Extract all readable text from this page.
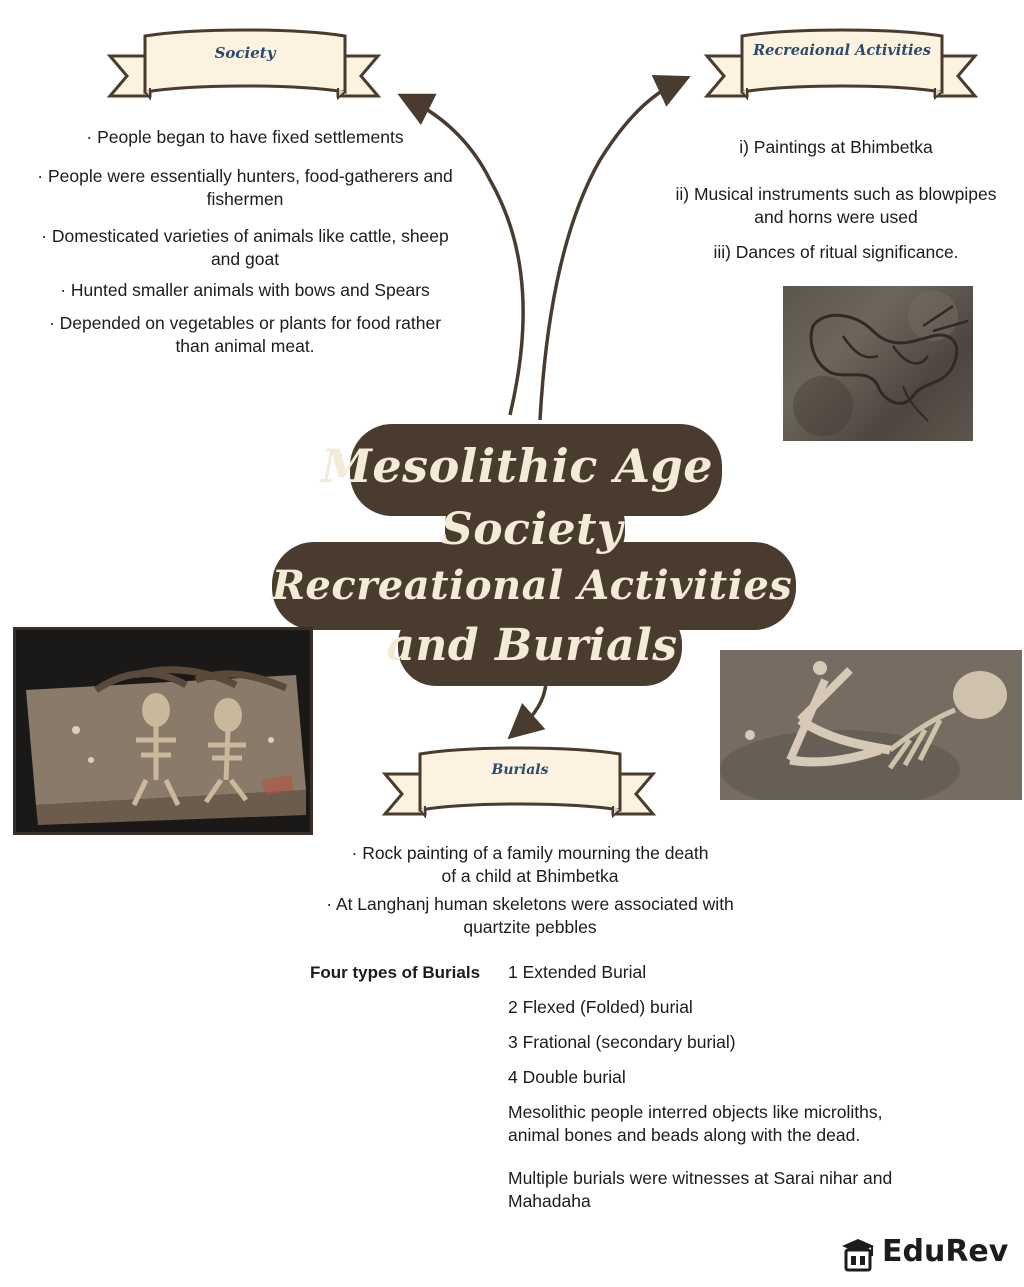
Society	Recreaional Activities
Burials

· People began to have fixed settlements

· People were essentially hunters, food-gatherers and fishermen

· Domesticated varieties of animals like cattle, sheep and goat

· Hunted smaller animals with bows and Spears

· Depended on vegetables or plants for food rather than animal meat.

i) Paintings at Bhimbetka

ii) Musical instruments such as blowpipes and horns were used

iii) Dances of ritual significance.

Mesolithic Age
Society
Recreational Activities
and Burials

· Rock painting of a family mourning the death of a child at Bhimbetka

· At Langhanj human skeletons were associated with quartzite pebbles

Four types of Burials 1 Extended Burial
2 Flexed (Folded) burial
3 Frational (secondary burial)
4 Double burial
Mesolithic people interred objects like microliths, animal bones and beads along with the dead.
Multiple burials were witnesses at Sarai nihar and Mahadaha
EduRev
